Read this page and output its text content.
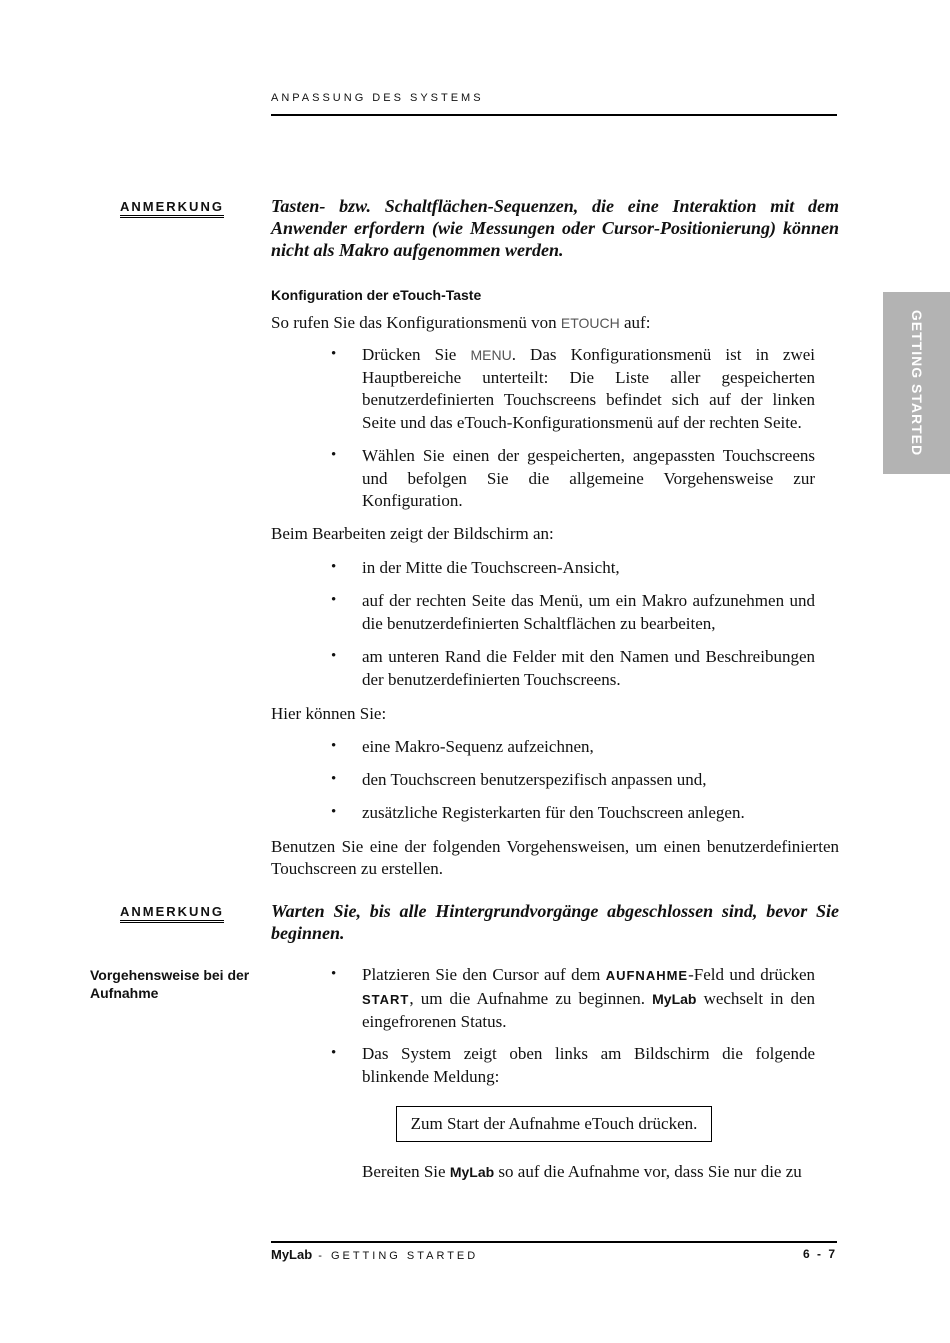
ANPASSUNG DES SYSTEMS
GETTING STARTED
ANMERKUNG	Tasten- bzw. Schaltflächen-Sequenzen, die eine Interaktion mit dem Anwender erfordern (wie Messungen oder Cursor-Positionierung) können nicht als Makro aufgenommen werden.
Konfiguration der eTouch-Taste
So rufen Sie das Konfigurationsmenü von ETOUCH auf:
• Drücken Sie MENU. Das Konfigurationsmenü ist in zwei Hauptbereiche unterteilt: Die Liste aller gespeicherten benutzerdefinierten Touchscreens befindet sich auf der linken Seite und das eTouch-Konfigurationsmenü auf der rechten Seite.
• Wählen Sie einen der gespeicherten, angepassten Touchscreens und befolgen Sie die allgemeine Vorgehensweise zur Konfiguration.
Beim Bearbeiten zeigt der Bildschirm an:
• in der Mitte die Touchscreen-Ansicht,
• auf der rechten Seite das Menü, um ein Makro aufzunehmen und die benutzerdefinierten Schaltflächen zu bearbeiten,
• am unteren Rand die Felder mit den Namen und Beschreibungen der benutzerdefinierten Touchscreens.
Hier können Sie:
• eine Makro-Sequenz aufzeichnen,
• den Touchscreen benutzerspezifisch anpassen und,
• zusätzliche Registerkarten für den Touchscreen anlegen.
Benutzen Sie eine der folgenden Vorgehensweisen, um einen benutzerdefinierten Touchscreen zu erstellen.
ANMERKUNG	Warten Sie, bis alle Hintergrundvorgänge abgeschlossen sind, bevor Sie beginnen.
Vorgehensweise bei der Aufnahme
• Platzieren Sie den Cursor auf dem AUFNAHME-Feld und drücken START, um die Aufnahme zu beginnen. MyLab wechselt in den eingefrorenen Status.
• Das System zeigt oben links am Bildschirm die folgende blinkende Meldung:
Zum Start der Aufnahme eTouch drücken.
Bereiten Sie MyLab so auf die Aufnahme vor, dass Sie nur die zu
MyLab - GETTING STARTED	6 - 7
